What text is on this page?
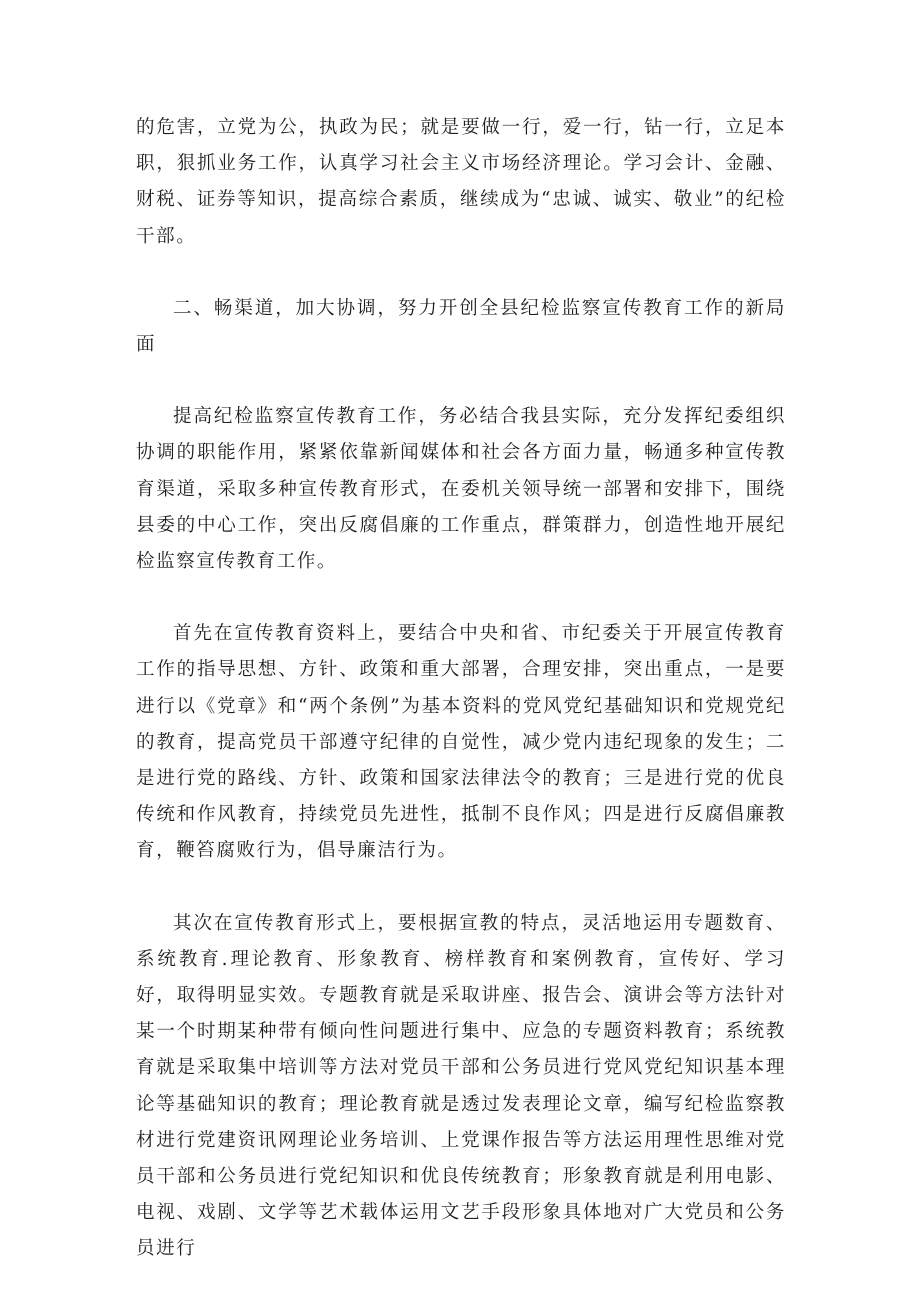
的危害，立党为公，执政为民；就是要做一行，爱一行，钻一行，立足本职，狠抓业务工作，认真学习社会主义市场经济理论。学习会计、金融、财税、证券等知识，提高综合素质，继续成为“忠诚、诚实、敬业”的纪检干部。

二、畅渠道，加大协调，努力开创全县纪检监察宣传教育工作的新局面

提高纪检监察宣传教育工作，务必结合我县实际，充分发挥纪委组织协调的职能作用，紧紧依靠新闻媒体和社会各方面力量，畅通多种宣传教育渠道，采取多种宣传教育形式，在委机关领导统一部署和安排下，围绕县委的中心工作，突出反腐倡廉的工作重点，群策群力，创造性地开展纪检监察宣传教育工作。

首先在宣传教育资料上，要结合中央和省、市纪委关于开展宣传教育工作的指导思想、方针、政策和重大部署，合理安排，突出重点，一是要进行以《党章》和“两个条例”为基本资料的党风党纪基础知识和党规党纪的教育，提高党员干部遵守纪律的自觉性，减少党内违纪现象的发生；二是进行党的路线、方针、政策和国家法律法令的教育；三是进行党的优良传统和作风教育，持续党员先进性，抵制不良作风；四是进行反腐倡廉教育，鞭笞腐败行为，倡导廉洁行为。

其次在宣传教育形式上，要根据宣教的特点，灵活地运用专题数育、系统教育.理论教育、形象教育、榜样教育和案例教育，宣传好、学习好，取得明显实效。专题教育就是采取讲座、报告会、演讲会等方法针对某一个时期某种带有倾向性问题进行集中、应急的专题资料教育；系统教育就是采取集中培训等方法对党员干部和公务员进行党风党纪知识基本理论等基础知识的教育；理论教育就是透过发表理论文章，编写纪检监察教材进行党建资讯网理论业务培训、上党课作报告等方法运用理性思维对党员干部和公务员进行党纪知识和优良传统教育；形象教育就是利用电影、电视、戏剧、文学等艺术载体运用文艺手段形象具体地对广大党员和公务员进行
